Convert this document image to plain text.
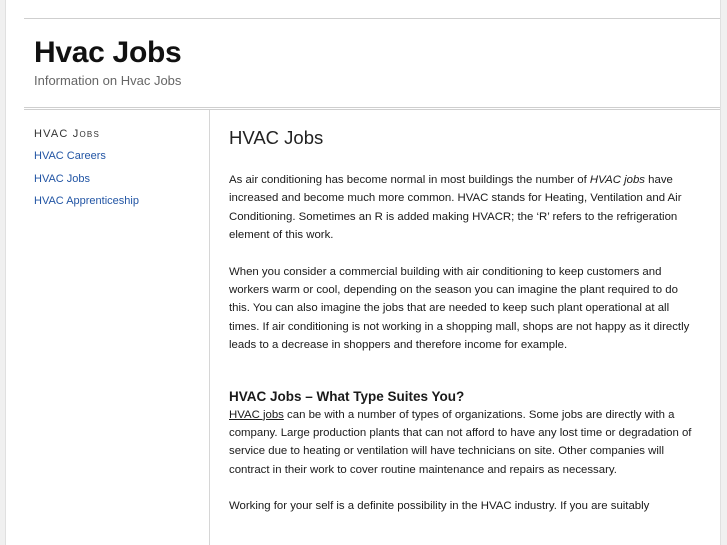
Hvac Jobs
Information on Hvac Jobs
HVAC Jobs
HVAC Careers
HVAC Jobs
HVAC Apprenticeship
HVAC Jobs

As air conditioning has become normal in most buildings the number of HVAC jobs have increased and become much more common. HVAC stands for Heating, Ventilation and Air Conditioning. Sometimes an R is added making HVACR; the ‘R’ refers to the refrigeration element of this work.

When you consider a commercial building with air conditioning to keep customers and workers warm or cool, depending on the season you can imagine the plant required to do this. You can also imagine the jobs that are needed to keep such plant operational at all times. If air conditioning is not working in a shopping mall, shops are not happy as it directly leads to a decrease in shoppers and therefore income for example.

HVAC Jobs – What Type Suites You?

HVAC jobs can be with a number of types of organizations. Some jobs are directly with a company. Large production plants that can not afford to have any lost time or degradation of service due to heating or ventilation will have technicians on site. Other companies will contract in their work to cover routine maintenance and repairs as necessary.

Working for your self is a definite possibility in the HVAC industry. If you are suitably
